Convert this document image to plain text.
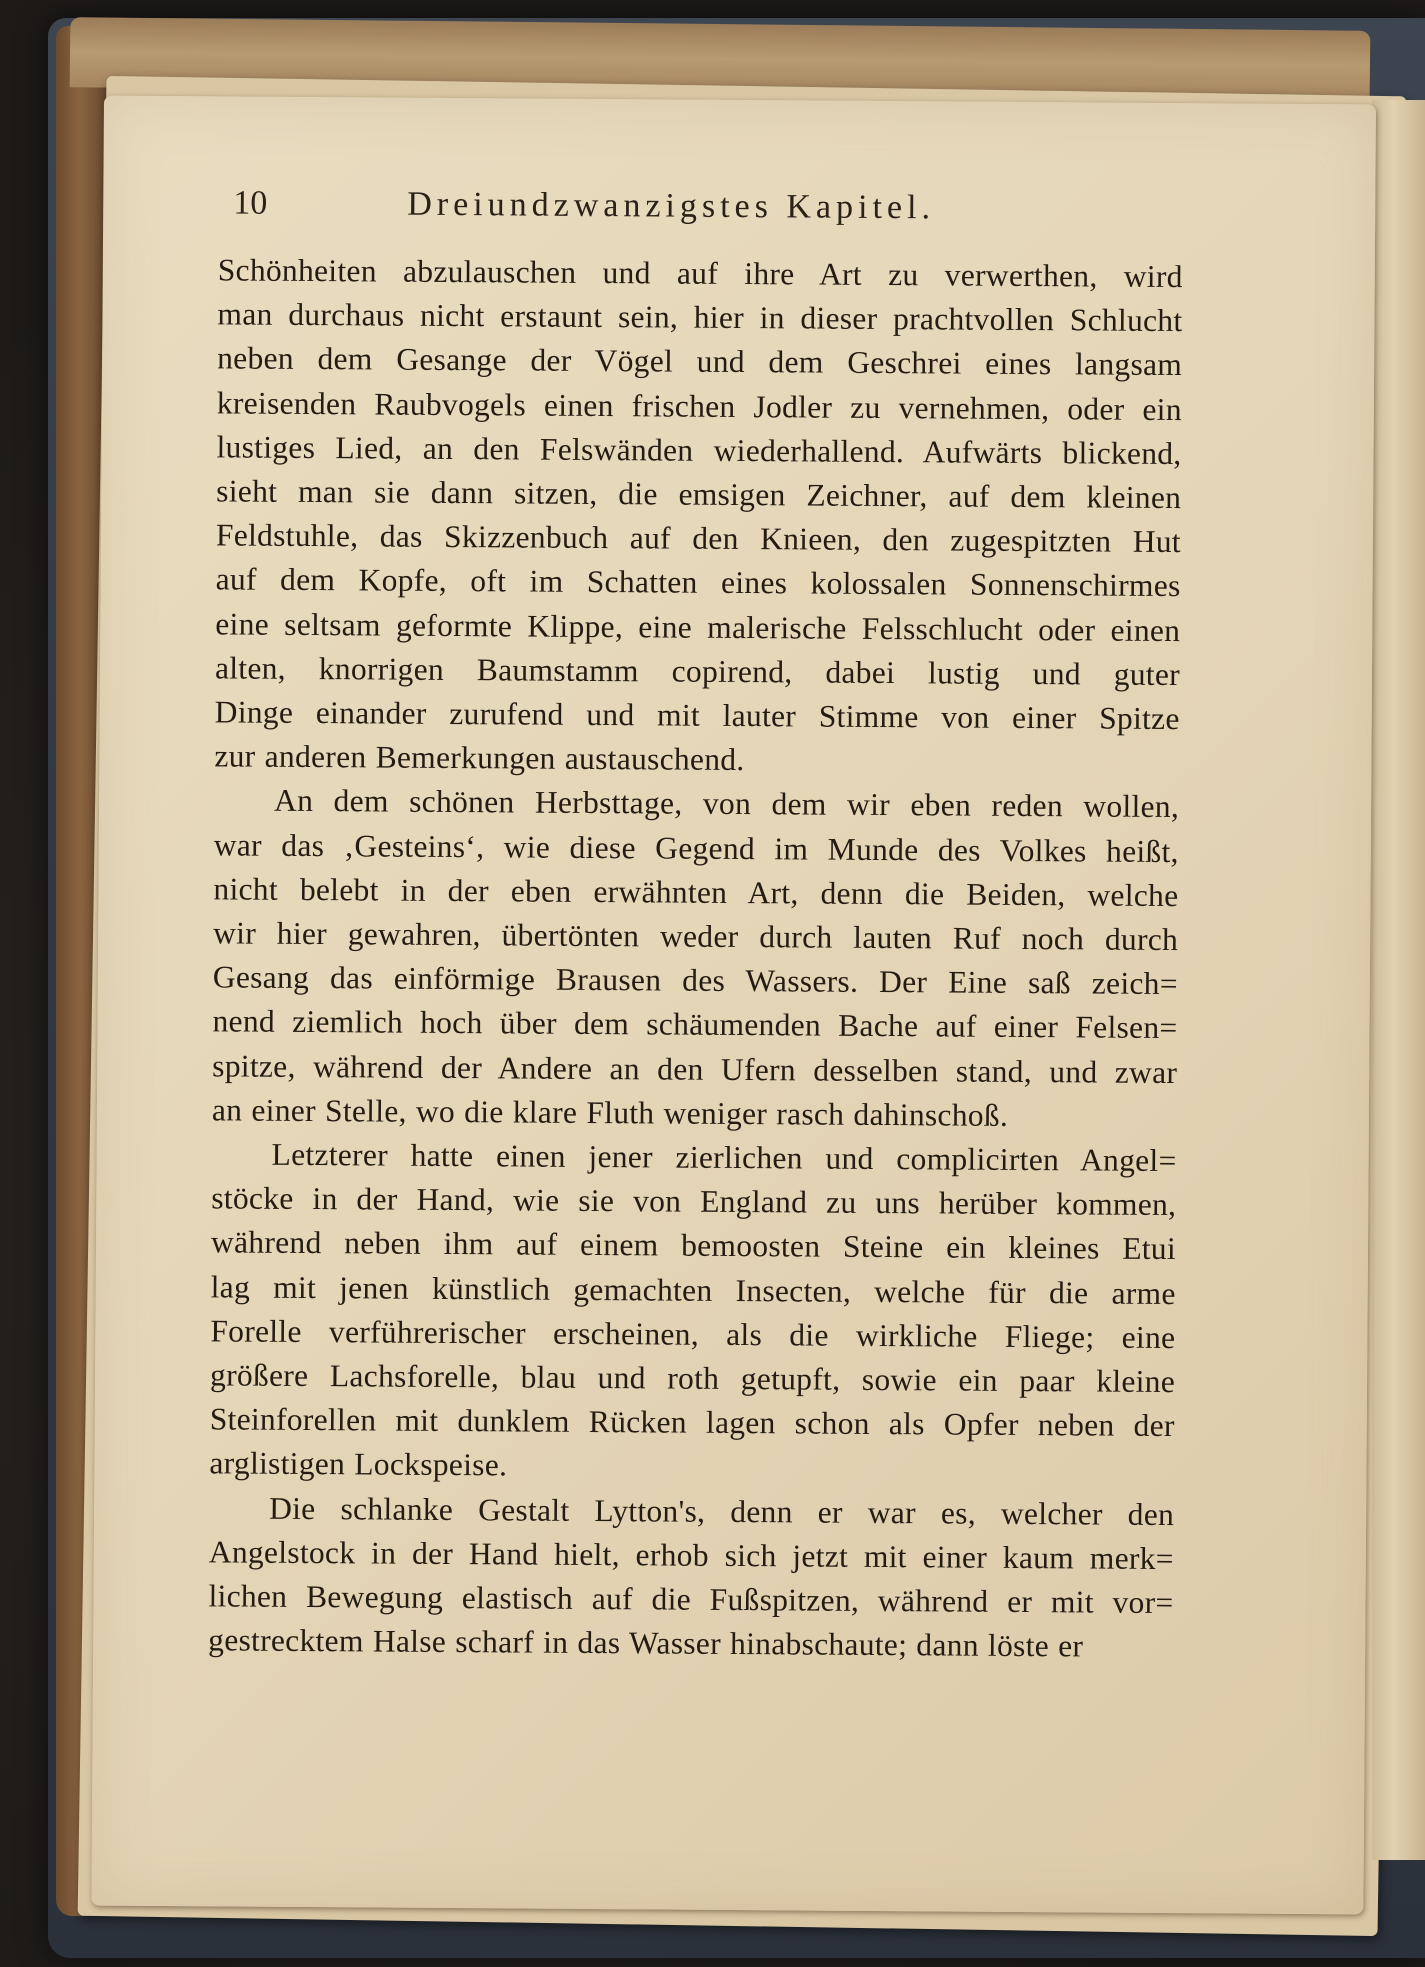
10	Dreiundzwanzigstes Kapitel.

Schönheiten abzulauschen und auf ihre Art zu verwerthen, wird
man durchaus nicht erstaunt sein, hier in dieser prachtvollen Schlucht
neben dem Gesange der Vögel und dem Geschrei eines langsam
kreisenden Raubvogels einen frischen Jodler zu vernehmen, oder ein
lustiges Lied, an den Felswänden wiederhallend. Aufwärts blickend,
sieht man sie dann sitzen, die emsigen Zeichner, auf dem kleinen
Feldstuhle, das Skizzenbuch auf den Knieen, den zugespitzten Hut
auf dem Kopfe, oft im Schatten eines kolossalen Sonnenschirmes
eine seltsam geformte Klippe, eine malerische Felsschlucht oder einen
alten, knorrigen Baumstamm copirend, dabei lustig und guter
Dinge einander zurufend und mit lauter Stimme von einer Spitze
zur anderen Bemerkungen austauschend.

An dem schönen Herbsttage, von dem wir eben reden wollen,
war das ‚Gesteins‘, wie diese Gegend im Munde des Volkes heißt,
nicht belebt in der eben erwähnten Art, denn die Beiden, welche
wir hier gewahren, übertönten weder durch lauten Ruf noch durch
Gesang das einförmige Brausen des Wassers. Der Eine saß zeich=
nend ziemlich hoch über dem schäumenden Bache auf einer Felsen=
spitze, während der Andere an den Ufern desselben stand, und zwar
an einer Stelle, wo die klare Fluth weniger rasch dahinschoß.

Letzterer hatte einen jener zierlichen und complicirten Angel=
stöcke in der Hand, wie sie von England zu uns herüber kommen,
während neben ihm auf einem bemoosten Steine ein kleines Etui
lag mit jenen künstlich gemachten Insecten, welche für die arme
Forelle verführerischer erscheinen, als die wirkliche Fliege; eine
größere Lachsforelle, blau und roth getupft, sowie ein paar kleine
Steinforellen mit dunklem Rücken lagen schon als Opfer neben der
arglistigen Lockspeise.

Die schlanke Gestalt Lytton's, denn er war es, welcher den
Angelstock in der Hand hielt, erhob sich jetzt mit einer kaum merk=
lichen Bewegung elastisch auf die Fußspitzen, während er mit vor=
gestrecktem Halse scharf in das Wasser hinabschaute; dann löste er
